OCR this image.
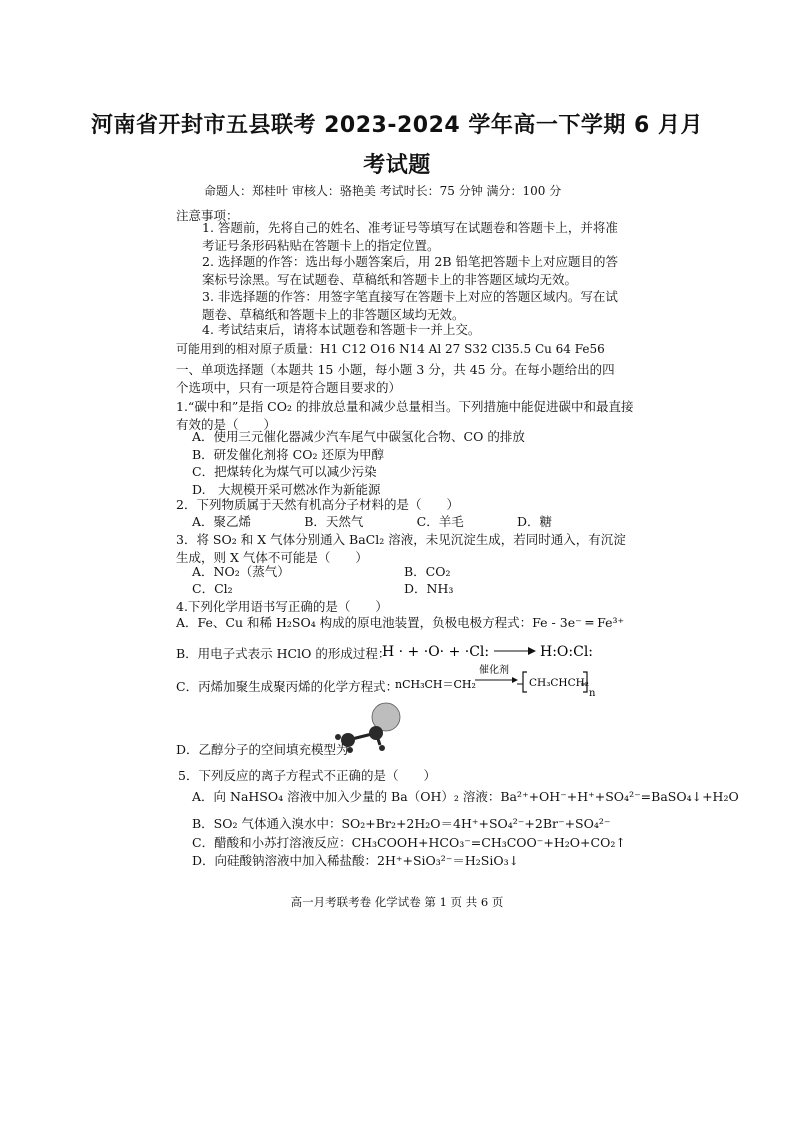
河南省开封市五县联考 2023-2024 学年高一下学期 6 月月
考试题
命题人：郑桂叶 审核人：骆艳美 考试时长：75 分钟 满分：100 分
注意事项：
1. 答题前，先将自己的姓名、准考证号等填写在试题卷和答题卡上，并将准考证号条形码粘贴在答题卡上的指定位置。
2. 选择题的作答：选出每小题答案后，用 2B 铅笔把答题卡上对应题目的答案标号涂黑。写在试题卷、草稿纸和答题卡上的非答题区域均无效。
3. 非选择题的作答：用签字笔直接写在答题卡上对应的答题区域内。写在试题卷、草稿纸和答题卡上的非答题区域均无效。
4. 考试结束后，请将本试题卷和答题卡一并上交。
可能用到的相对原子质量：H1 C12 O16 N14 Al 27 S32 Cl35.5 Cu 64 Fe56
一、单项选择题（本题共 15 小题，每小题 3 分，共 45 分。在每小题给出的四个选项中，只有一项是符合题目要求的）
1.“碳中和”是指 CO₂ 的排放总量和减少总量相当。下列措施中能促进碳中和最直接有效的是（　　）
A．使用三元催化器减少汽车尾气中碳氢化合物、CO 的排放
B．研发催化剂将 CO₂ 还原为甲醇
C．把煤转化为煤气可以减少污染
D.　大规模开采可燃冰作为新能源
2．下列物质属于天然有机高分子材料的是（　　）
A．聚乙烯	B．天然气	C．羊毛	D．糖
3．将 SO₂ 和 X 气体分别通入 BaCl₂ 溶液，未见沉淀生成，若同时通入，有沉淀生成，则 X 气体不可能是（　　）
A．NO₂（蒸气）	B．CO₂
C．Cl₂	D．NH₃
4.下列化学用语书写正确的是（　　）
A．Fe、Cu 和稀 H₂SO₄ 构成的原电池装置，负极电极方程式：Fe - 3e⁻ ═ Fe³⁺
B．用电子式表示 HClO 的形成过程：
H · + ·O· + ·Cl:	H:O:Cl:
C．丙烯加聚生成聚丙烯的化学方程式：
nCH₃CH＝CH₂
催化剂
CH₃CHCH₂
n
D．乙醇分子的空间填充模型为
5．下列反应的离子方程式不正确的是（　　）
A．向 NaHSO₄ 溶液中加入少量的 Ba（OH）₂ 溶液：Ba²⁺+OH⁻+H⁺+SO₄²⁻=BaSO₄↓+H₂O
B．SO₂ 气体通入溴水中：SO₂+Br₂+2H₂O＝4H⁺+SO₄²⁻+2Br⁻+SO₄²⁻
C．醋酸和小苏打溶液反应：CH₃COOH+HCO₃⁻=CH₃COO⁻+H₂O+CO₂↑
D．向硅酸钠溶液中加入稀盐酸：2H⁺+SiO₃²⁻＝H₂SiO₃↓
高一月考联考卷 化学试卷 第 1 页 共 6 页
